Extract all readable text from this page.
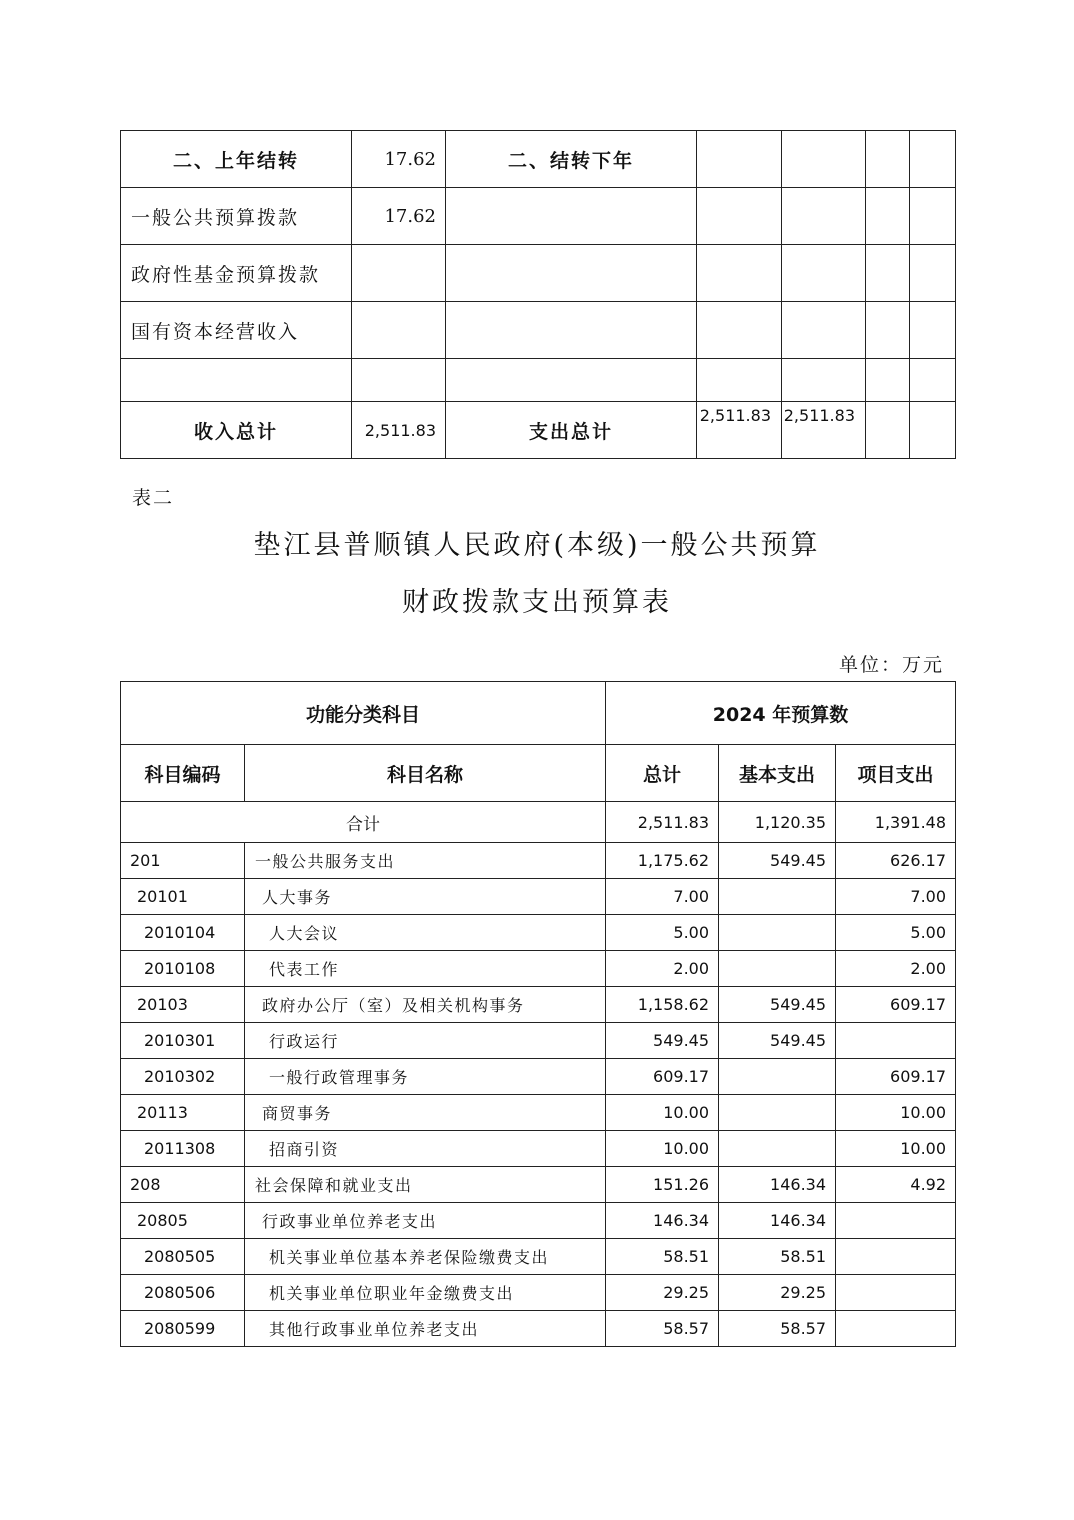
二、上年结转	17.62	二、结转下年				
一般公共预算拨款	17.62					
政府性基金预算拨款						
国有资本经营收入						

收入总计	2,511.83	支出总计	2,511.83	2,511.83		
表二
垫江县普顺镇人民政府(本级)一般公共预算
财政拨款支出预算表
单位：万元
功能分类科目		2024 年预算数		
科目编码	科目名称	总计	基本支出	项目支出
合计		2,511.83	1,120.35	1,391.48
201	一般公共服务支出	1,175.62	549.45	626.17
20101	人大事务	7.00		7.00
2010104	人大会议	5.00		5.00
2010108	代表工作	2.00		2.00
20103	政府办公厅（室）及相关机构事务	1,158.62	549.45	609.17
2010301	行政运行	549.45	549.45	
2010302	一般行政管理事务	609.17		609.17
20113	商贸事务	10.00		10.00
2011308	招商引资	10.00		10.00
208	社会保障和就业支出	151.26	146.34	4.92
20805	行政事业单位养老支出	146.34	146.34	
2080505	机关事业单位基本养老保险缴费支出	58.51	58.51	
2080506	机关事业单位职业年金缴费支出	29.25	29.25	
2080599	其他行政事业单位养老支出	58.57	58.57	
